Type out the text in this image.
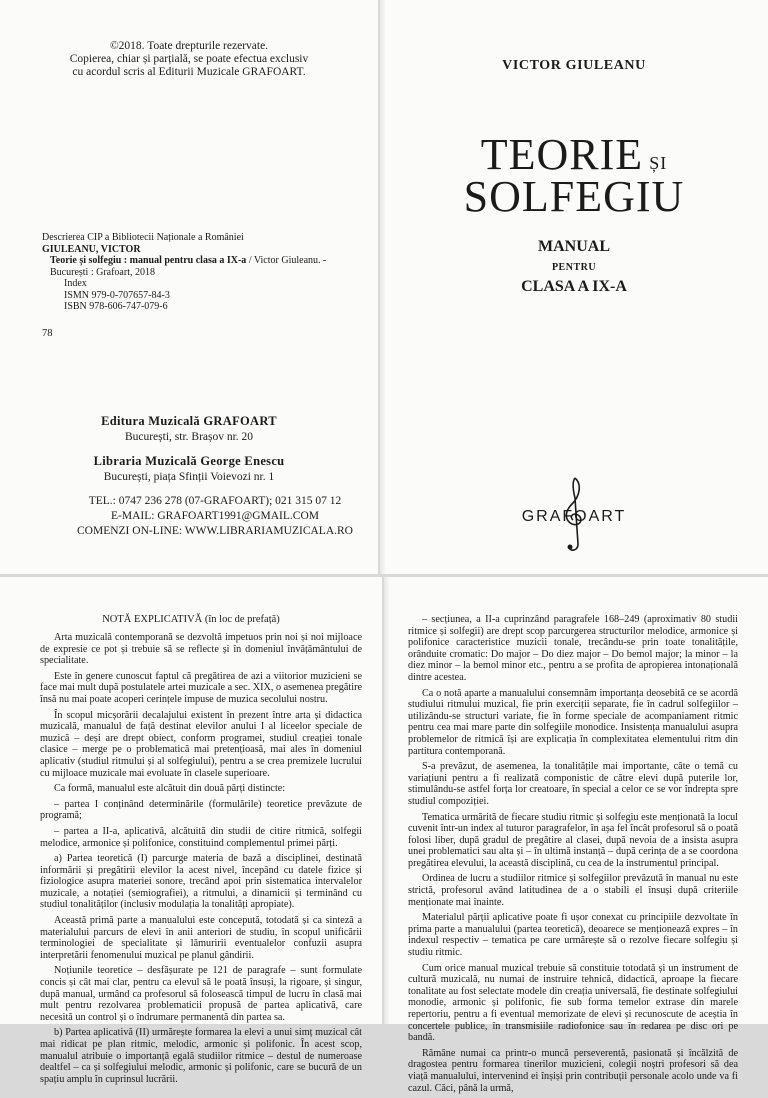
©2018. Toate drepturile rezervate.
Copierea, chiar și parțială, se poate efectua exclusiv
cu acordul scris al Editurii Muzicale GRAFOART.
Descrierea CIP a Bibliotecii Naționale a României
GIULEANU, VICTOR
Teorie și solfegiu : manual pentru clasa a IX-a / Victor Giuleanu. -
București : Grafoart, 2018
Index
ISMN 979-0-707657-84-3
ISBN 978-606-747-079-6
78
Editura Muzicală GRAFOART
București, str. Brașov nr. 20
Libraria Muzicală George Enescu
București, piața Sfinții Voievozi nr. 1
TEL.: 0747 236 278 (07-GRAFOART); 021 315 07 12
E-MAIL: GRAFOART1991@GMAIL.COM
COMENZI ON-LINE: WWW.LIBRARIAMUZICALA.RO
VICTOR GIULEANU
TEORIE $^{ȘI}$
SOLFEGIU
MANUAL
PENTRU
CLASA A IX-A
GRAFOART
NOTĂ EXPLICATIVĂ (în loc de prefață)

Arta muzicală contemporană se dezvoltă impetuos prin noi și noi mijloace de expresie ce pot și trebuie să se reflecte și în domeniul învățământului de specialitate.

Este în genere cunoscut faptul că pregătirea de azi a viitorior muzicieni se face mai mult după postulatele artei muzicale a sec. XIX, o asemenea pregătire însă nu mai poate acoperi cerințele impuse de muzica secolului nostru.

În scopul micșorării decalajului existent în prezent între arta și didactica muzicală, manualul de față destinat elevilor anului I al liceelor speciale de muzică – deși are drept obiect, conform programei, studiul creației tonale clasice – merge pe o problematică mai pretențioasă, mai ales în domeniul aplicativ (studiul ritmului și al solfegiului), pentru a se crea premizele lucrului cu mijloace muzicale mai evoluate în clasele superioare.

Ca formă, manualul este alcătuit din două părți distincte:

– partea I conținând determinările (formulările) teoretice prevăzute de programă;

– partea a II-a, aplicativă, alcătuită din studii de citire ritmică, solfegii melodice, armonice și polifonice, constituind complementul primei părți.

a) Partea teoretică (I) parcurge materia de bază a disciplinei, destinată informării și pregătirii elevilor la acest nivel, începând cu datele fizice și fiziologice asupra materiei sonore, trecând apoi prin sistematica intervalelor muzicale, a notației (semiografiei), a ritmului, a dinamicii și terminând cu studiul tonalităților (inclusiv modulația la tonalități apropiate).

Această primă parte a manualului este concepută, totodată și ca sinteză a materialului parcurs de elevi în anii anteriori de studiu, în scopul unificării terminologiei de specialitate și lămuririi eventualelor confuzii asupra interpretării fenomenului muzical pe planul gândirii.

Noțiunile teoretice – desfășurate pe 121 de paragrafe – sunt formulate concis și cât mai clar, pentru ca elevul să le poată însuși, la rigoare, și singur, după manual, urmând ca profesorul să folosească timpul de lucru în clasă mai mult pentru rezolvarea problematicii propusă de partea aplicativă, care necesită un control și o îndrumare permanentă din partea sa.

b) Partea aplicativă (II) urmărește formarea la elevi a unui simț muzical cât mai ridicat pe plan ritmic, melodic, armonic și polifonic. În acest scop, manualul atribuie o importanță egală studiilor ritmice – destul de numeroase dealtfel – ca și solfegiului melodic, armonic și polifonic, care se bucură de un spațiu amplu în cuprinsul lucrării.

– secțiunea, a II-a cuprinzând paragrafele 168–249 (aproximativ 80 studii ritmice și solfegii) are drept scop parcurgerea structurilor melodice, armonice și polifonice caracteristice muzicii tonale, trecându-se prin toate tonalitățile, orânduite cromatic: Do major – Do diez major – Do bemol major; la minor – la diez minor – la bemol minor etc., pentru a se profita de apropierea intonațională dintre acestea.

Ca o notă aparte a manualului consemnăm importanța deosebită ce se acordă studiului ritmului muzical, fie prin exerciții separate, fie în cadrul solfegiilor – utilizându-se structuri variate, fie în forme speciale de acompaniament ritmic pentru cea mai mare parte din solfegiile monodice. Insistența manualului asupra problemelor de ritmică își are explicația în complexitatea elementului ritm din partitura contemporană.

S-a prevăzut, de asemenea, la tonalitățile mai importante, câte o temă cu variațiuni pentru a fi realizată componistic de către elevi după puterile lor, stimulându-se astfel forța lor creatoare, în special a celor ce se vor îndrepta spre studiul compoziției.

Tematica urmărită de fiecare studiu ritmic și solfegiu este menționată la locul cuvenit într-un index al tuturor paragrafelor, în așa fel încât profesorul să o poată folosi liber, după gradul de pregătire al clasei, după nevoia de a insista asupra unei problematici sau alta și – în ultimă instanță – după cerința de a se coordona pregătirea elevului, la această disciplină, cu cea de la instrumentul principal.

Ordinea de lucru a studiilor ritmice și solfegiilor prevăzută în manual nu este strictă, profesorul având latitudinea de a o stabili el însuși după criteriile menționate mai înainte.

Materialul părții aplicative poate fi ușor conexat cu principiile dezvoltate în prima parte a manualului (partea teoretică), deoarece se menționează expres – în indexul respectiv – tematica pe care urmărește să o rezolve fiecare solfegiu și studiu ritmic.

Cum orice manual muzical trebuie să constituie totodată și un instrument de cultură muzicală, nu numai de instruire tehnică, didactică, aproape la fiecare tonalitate au fost selectate modele din creația universală, fie destinate solfegiului monodie, armonic și polifonic, fie sub forma temelor extrase din marele repertoriu, pentru a fi eventual memorizate de elevi și recunoscute de aceștia în concertele publice, în transmisiile radiofonice sau în redarea pe disc ori pe bandă.

Rămâne numai ca printr-o muncă perseverentă, pasionată și încălzită de dragostea pentru formarea tinerilor muzicieni, colegii noștri profesori să dea viață manualului, intervenind ei înșiși prin contribuții personale acolo unde va fi cazul. Căci, până la urmă,
